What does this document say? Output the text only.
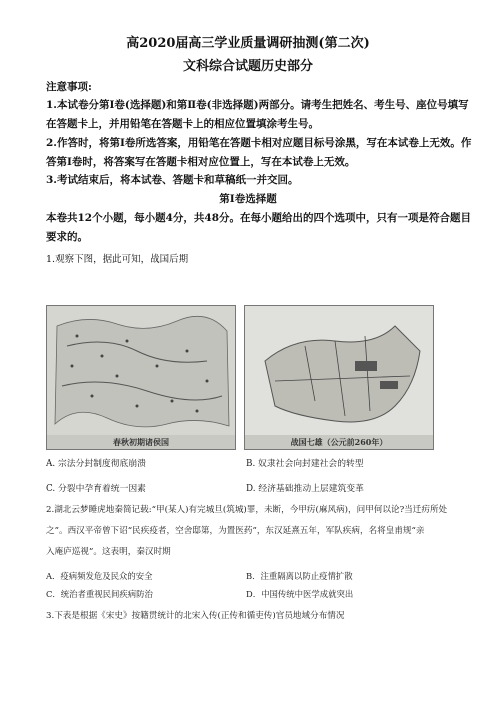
高2020届高三学业质量调研抽测(第二次)
文科综合试题历史部分
注意事项:
1.本试卷分第Ⅰ卷(选择题)和第Ⅱ卷(非选择题)两部分。请考生把姓名、考生号、座位号填写
在答题卡上，并用铅笔在答题卡上的相应位置填涂考生号。
2.作答时，将第Ⅰ卷所选答案，用铅笔在答题卡相对应题目标号涂黑，写在本试卷上无效。作
答第Ⅰ卷时，将答案写在答题卡相对应位置上，写在本试卷上无效。
3.考试结束后，将本试卷、答题卡和草稿纸一并交回。
第Ⅰ卷选择题
本卷共12个小题，每小题4分，共48分。在每小题给出的四个选项中，只有一项是符合题目
要求的。
1.观察下图，据此可知，战国后期
春秋初期诸侯国	战国七雄（公元前260年）
A. 宗法分封制度彻底崩溃	B. 奴隶社会向封建社会的转型
C. 分裂中孕育着统一因素	D. 经济基础推动上层建筑变革
2.湖北云梦睡虎地秦简记载:“甲(某人)有完城旦(筑城)罪，未断，今甲疠(麻风病)，问甲何以论?当迁疠所处
之”。西汉平帝曾下诏“民疾疫者，空舍邸第，为置医药”，东汉延熹五年，军队疾病，名将皇甫规“亲
入庵庐巡视”。这表明，秦汉时期
A．疫病频发危及民众的安全	B．注重隔离以防止疫情扩散
C．统治者重视民间疾病防治	D．中国传统中医学成就突出
3.下表是根据《宋史》按籍贯统计的北宋入传(正传和循吏传)官员地域分布情况
